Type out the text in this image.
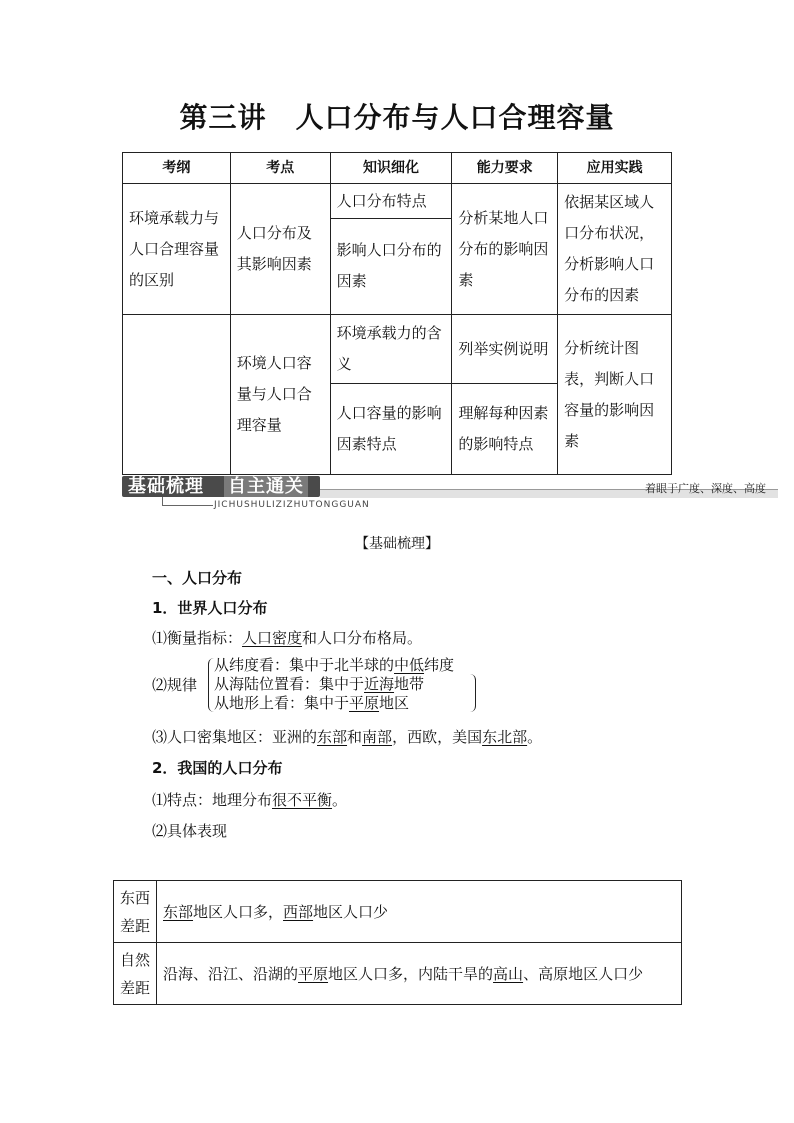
第三讲　人口分布与人口合理容量
考纲	考点	知识细化	能力要求	应用实践
环境承载力与人口合理容量的区别	人口分布及其影响因素	人口分布特点	分析某地人口分布的影响因素	依据某区域人口分布状况，分析影响人口分布的因素
		影响人口分布的因素		
	环境人口容量与人口合理容量	环境承载力的含义	列举实例说明	分析统计图表，判断人口容量的影响因素
		人口容量的影响因素特点	理解每种因素的影响特点	
基础梳理 自主通关	着眼于广度、深度、高度
JICHUSHULIZIZHUTONGGUAN
【基础梳理】
一、人口分布
1．世界人口分布
⑴衡量指标：人口密度和人口分布格局。
⑵规律
从纬度看：集中于北半球的中低纬度
从海陆位置看：集中于近海地带
从地形上看：集中于平原地区
⑶人口密集地区：亚洲的东部和南部，西欧，美国东北部。
2．我国的人口分布
⑴特点：地理分布很不平衡。
⑵具体表现
东西差距	东部地区人口多，西部地区人口少
自然差距	沿海、沿江、沿湖的平原地区人口多，内陆干旱的高山、高原地区人口少
